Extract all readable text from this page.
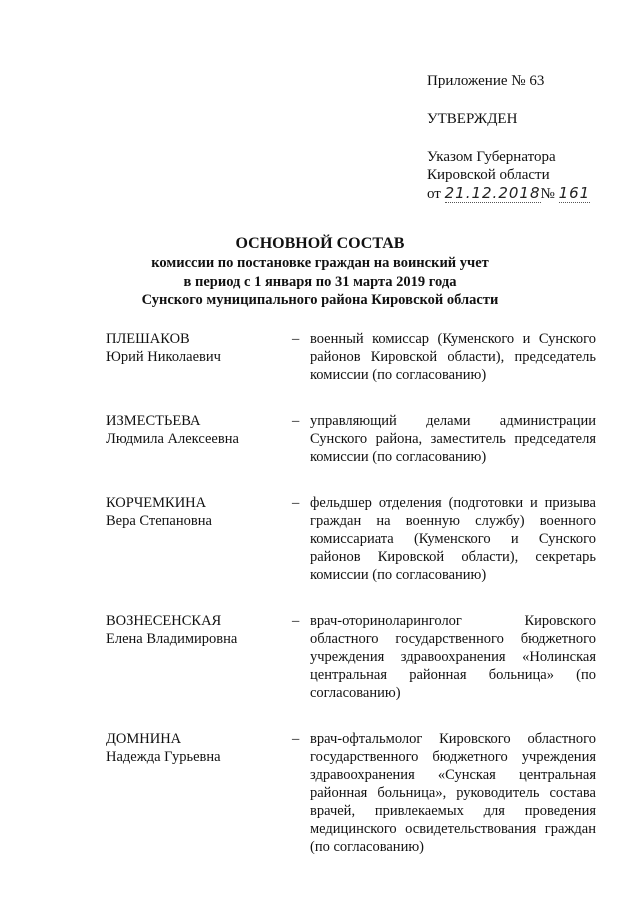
Приложение № 63
УТВЕРЖДЕН
Указом Губернатора
Кировской области
от 21.12.2018№ 161
ОСНОВНОЙ СОСТАВ
комиссии по постановке граждан на воинский учет
в период с 1 января по 31 марта 2019 года
Сунского муниципального района Кировской области
ПЛЕШАКОВ
Юрий Николаевич
– военный комиссар (Куменского и Сунского районов Кировской области), председатель комиссии (по согласованию)
ИЗМЕСТЬЕВА
Людмила Алексеевна
– управляющий делами администрации Сунского района, заместитель председателя комиссии (по согласованию)
КОРЧЕМКИНА
Вера Степановна
– фельдшер отделения (подготовки и призыва граждан на военную службу) военного комиссариата (Куменского и Сунского районов Кировской области), секретарь комиссии (по согласованию)
ВОЗНЕСЕНСКАЯ
Елена Владимировна
– врач-оториноларинголог Кировского областного государственного бюджетного учреждения здравоохранения «Нолинская центральная районная больница» (по согласованию)
ДОМНИНА
Надежда Гурьевна
– врач-офтальмолог Кировского областного государственного бюджетного учреждения здравоохранения «Сунская центральная районная больница», руководитель состава врачей, привлекаемых для проведения медицинского освидетельствования граждан (по согласованию)
